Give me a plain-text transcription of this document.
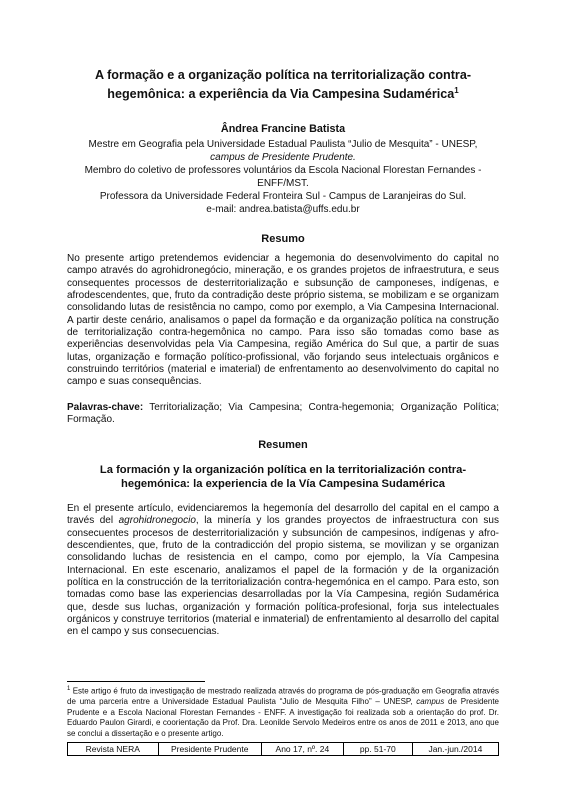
A formação e a organização política na territorialização contra-
hegemônica: a experiência da Via Campesina Sudamérica$^1$
Ândrea Francine Batista
Mestre em Geografia pela Universidade Estadual Paulista “Julio de Mesquita” - UNESP,
campus de Presidente Prudente.
Membro do coletivo de professores voluntários da Escola Nacional Florestan Fernandes -
ENFF/MST.
Professora da Universidade Federal Fronteira Sul - Campus de Laranjeiras do Sul.
e-mail: andrea.batista@uffs.edu.br
Resumo
No presente artigo pretendemos evidenciar a hegemonia do desenvolvimento do capital no campo através do agrohidronegócio, mineração, e os grandes projetos de infraestrutura, e seus consequentes processos de desterritorialização e subsunção de camponeses, indígenas, e afrodescendentes, que, fruto da contradição deste próprio sistema, se mobilizam e se organizam consolidando lutas de resistência no campo, como por exemplo, a Via Campesina Internacional. A partir deste cenário, analisamos o papel da formação e da organização política na construção de territorialização contra-hegemônica no campo. Para isso são tomadas como base as experiências desenvolvidas pela Via Campesina, região América do Sul que, a partir de suas lutas, organização e formação político-profissional, vão forjando seus intelectuais orgânicos e construindo territórios (material e imaterial) de enfrentamento ao desenvolvimento do capital no campo e suas consequências.
Palavras-chave: Territorialização; Via Campesina; Contra-hegemonia; Organização Política; Formação.
Resumen
La formación y la organización política en la territorialización contra-
hegemónica: la experiencia de la Vía Campesina Sudamérica
En el presente artículo, evidenciaremos la hegemonía del desarrollo del capital en el campo a través del agrohidronegocio, la minería y los grandes proyectos de infraestructura con sus consecuentes procesos de desterritorialización y subsunción de campesinos, indígenas y afro-descendientes, que, fruto de la contradicción del propio sistema, se movilizan y se organizan consolidando luchas de resistencia en el campo, como por ejemplo, la Vía Campesina Internacional. En este escenario, analizamos el papel de la formación y de la organización política en la construcción de la territorialización contra-hegemónica en el campo. Para esto, son tomadas como base las experiencias desarrolladas por la Vía Campesina, región Sudamérica que, desde sus luchas, organización y formación política-profesional, forja sus intelectuales orgánicos y construye territorios (material e inmaterial) de enfrentamiento al desarrollo del capital en el campo y sus consecuencias.
$^1$ Este artigo é fruto da investigação de mestrado realizada através do programa de pós-graduação em Geografia através de uma parceria entre a Universidade Estadual Paulista “Julio de Mesquita Filho” – UNESP, campus de Presidente Prudente e a Escola Nacional Florestan Fernandes - ENFF. A investigação foi realizada sob a orientação do prof. Dr. Eduardo Paulon Girardi, e coorientação da Prof. Dra. Leonilde Servolo Medeiros entre os anos de 2011 e 2013, ano que se conclui a dissertação e o presente artigo.
Revista NERA	Presidente Prudente	Ano 17, nº. 24	pp. 51-70	Jan.-jun./2014
